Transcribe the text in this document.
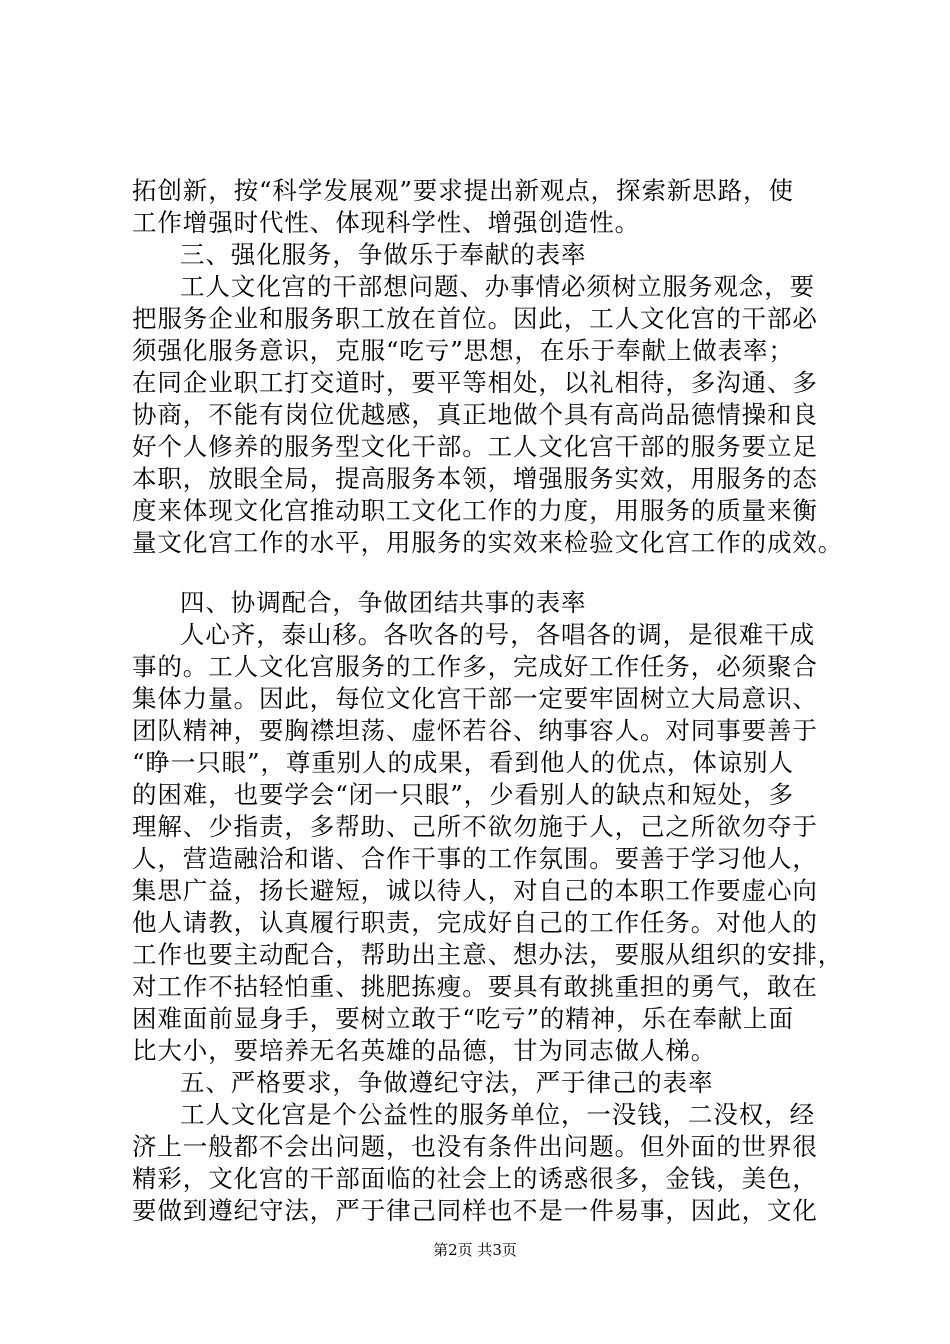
拓创新，按“科学发展观”要求提出新观点，探索新思路，使
工作增强时代性、体现科学性、增强创造性。
三、强化服务，争做乐于奉献的表率
工人文化宫的干部想问题、办事情必须树立服务观念，要
把服务企业和服务职工放在首位。因此，工人文化宫的干部必
须强化服务意识，克服“吃亏”思想，在乐于奉献上做表率；
在同企业职工打交道时，要平等相处，以礼相待，多沟通、多
协商，不能有岗位优越感，真正地做个具有高尚品德情操和良
好个人修养的服务型文化干部。工人文化宫干部的服务要立足
本职，放眼全局，提高服务本领，增强服务实效，用服务的态
度来体现文化宫推动职工文化工作的力度，用服务的质量来衡
量文化宫工作的水平，用服务的实效来检验文化宫工作的成效。
四、协调配合，争做团结共事的表率
人心齐，泰山移。各吹各的号，各唱各的调，是很难干成
事的。工人文化宫服务的工作多，完成好工作任务，必须聚合
集体力量。因此，每位文化宫干部一定要牢固树立大局意识、
团队精神，要胸襟坦荡、虚怀若谷、纳事容人。对同事要善于
“睁一只眼”，尊重别人的成果，看到他人的优点，体谅别人
的困难，也要学会“闭一只眼”，少看别人的缺点和短处，多
理解、少指责，多帮助、己所不欲勿施于人，己之所欲勿夺于
人，营造融洽和谐、合作干事的工作氛围。要善于学习他人，
集思广益，扬长避短，诚以待人，对自己的本职工作要虚心向
他人请教，认真履行职责，完成好自己的工作任务。对他人的
工作也要主动配合，帮助出主意、想办法，要服从组织的安排，
对工作不拈轻怕重、挑肥拣瘦。要具有敢挑重担的勇气，敢在
困难面前显身手，要树立敢于“吃亏”的精神，乐在奉献上面
比大小，要培养无名英雄的品德，甘为同志做人梯。
五、严格要求，争做遵纪守法，严于律己的表率
工人文化宫是个公益性的服务单位，一没钱，二没权，经
济上一般都不会出问题，也没有条件出问题。但外面的世界很
精彩，文化宫的干部面临的社会上的诱惑很多，金钱，美色，
要做到遵纪守法，严于律己同样也不是一件易事，因此，文化
第2页 共3页
